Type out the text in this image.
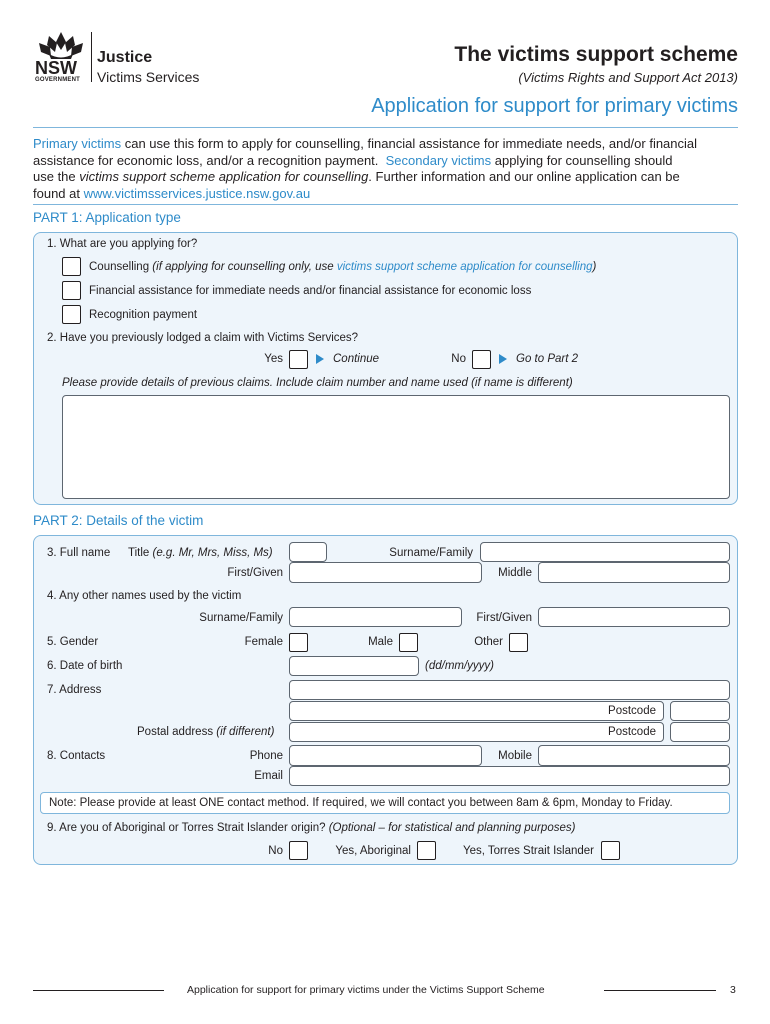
NSW
GOVERNMENT
Justice
Victims Services
The victims support scheme
(Victims Rights and Support Act 2013)
Application for support for primary victims
Primary victims can use this form to apply for counselling, financial assistance for immediate needs, and/or financial
assistance for economic loss, and/or a recognition payment. Secondary victims applying for counselling should
use the victims support scheme application for counselling. Further information and our online application can be
found at www.victimsservices.justice.nsw.gov.au
PART 1: Application type
1. What are you applying for?
Counselling (if applying for counselling only, use victims support scheme application for counselling)
Financial assistance for immediate needs and/or financial assistance for economic loss
Recognition payment
2. Have you previously lodged a claim with Victims Services?
Yes	Continue	No	Go to Part 2
Please provide details of previous claims. Include claim number and name used (if name is different)
PART 2: Details of the victim
3. Full name Title (e.g. Mr, Mrs, Miss, Ms)	Surname/Family
First/Given	Middle
4. Any other names used by the victim
Surname/Family	First/Given
5. Gender	Female	Male	Other
6. Date of birth	(dd/mm/yyyy)
7. Address
Postcode
Postal address (if different)	Postcode
8. Contacts	Phone	Mobile
Email
Note: Please provide at least ONE contact method. If required, we will contact you between 8am & 6pm, Monday to Friday.
9. Are you of Aboriginal or Torres Strait Islander origin? (Optional – for statistical and planning purposes)
No	Yes, Aboriginal	Yes, Torres Strait Islander
Application for support for primary victims under the Victims Support Scheme	3
